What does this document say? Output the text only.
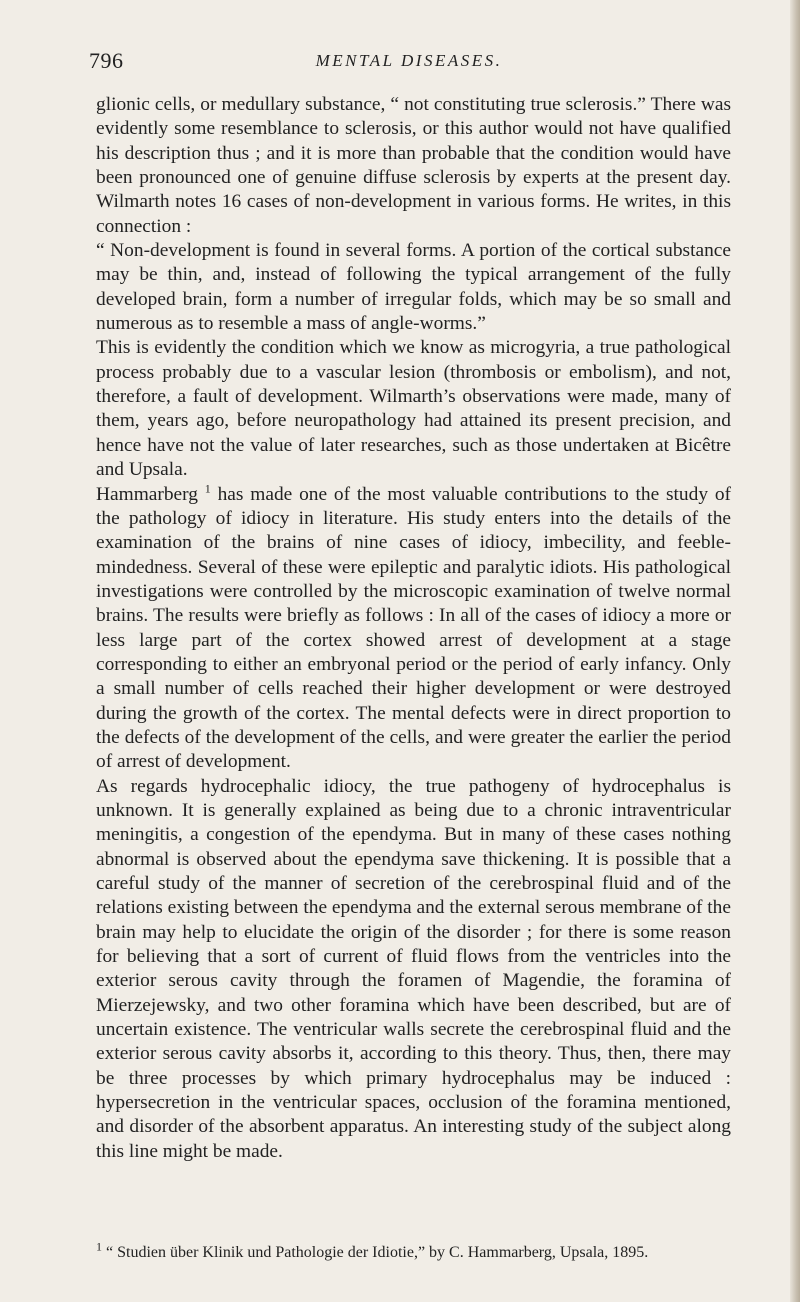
796	MENTAL DISEASES.

glionic cells, or medullary substance, “ not constituting true sclerosis.” There was evidently some resemblance to sclerosis, or this author would not have qualified his description thus ; and it is more than probable that the condition would have been pronounced one of genuine diffuse sclerosis by experts at the present day. Wilmarth notes 16 cases of non-development in various forms. He writes, in this connection :

“ Non-development is found in several forms. A portion of the cortical substance may be thin, and, instead of following the typical arrangement of the fully developed brain, form a number of irregular folds, which may be so small and numerous as to resemble a mass of angle-worms.”

This is evidently the condition which we know as microgyria, a true pathological process probably due to a vascular lesion (thrombosis or embolism), and not, therefore, a fault of development. Wilmarth’s observations were made, many of them, years ago, before neuropathology had attained its present precision, and hence have not the value of later researches, such as those undertaken at Bicêtre and Upsala.

Hammarberg $^1$ has made one of the most valuable contributions to the study of the pathology of idiocy in literature. His study enters into the details of the examination of the brains of nine cases of idiocy, imbecility, and feeble-mindedness. Several of these were epileptic and paralytic idiots. His pathological investigations were controlled by the microscopic examination of twelve normal brains. The results were briefly as follows : In all of the cases of idiocy a more or less large part of the cortex showed arrest of development at a stage corresponding to either an embryonal period or the period of early infancy. Only a small number of cells reached their higher development or were destroyed during the growth of the cortex. The mental defects were in direct proportion to the defects of the development of the cells, and were greater the earlier the period of arrest of development.

As regards hydrocephalic idiocy, the true pathogeny of hydrocephalus is unknown. It is generally explained as being due to a chronic intraventricular meningitis, a congestion of the ependyma. But in many of these cases nothing abnormal is observed about the ependyma save thickening. It is possible that a careful study of the manner of secretion of the cerebrospinal fluid and of the relations existing between the ependyma and the external serous membrane of the brain may help to elucidate the origin of the disorder ; for there is some reason for believing that a sort of current of fluid flows from the ventricles into the exterior serous cavity through the foramen of Magendie, the foramina of Mierzejewsky, and two other foramina which have been described, but are of uncertain existence. The ventricular walls secrete the cerebrospinal fluid and the exterior serous cavity absorbs it, according to this theory. Thus, then, there may be three processes by which primary hydrocephalus may be induced : hypersecretion in the ventricular spaces, occlusion of the foramina mentioned, and disorder of the absorbent apparatus. An interesting study of the subject along this line might be made.

$^1$ “ Studien über Klinik und Pathologie der Idiotie,” by C. Hammarberg, Upsala, 1895.
